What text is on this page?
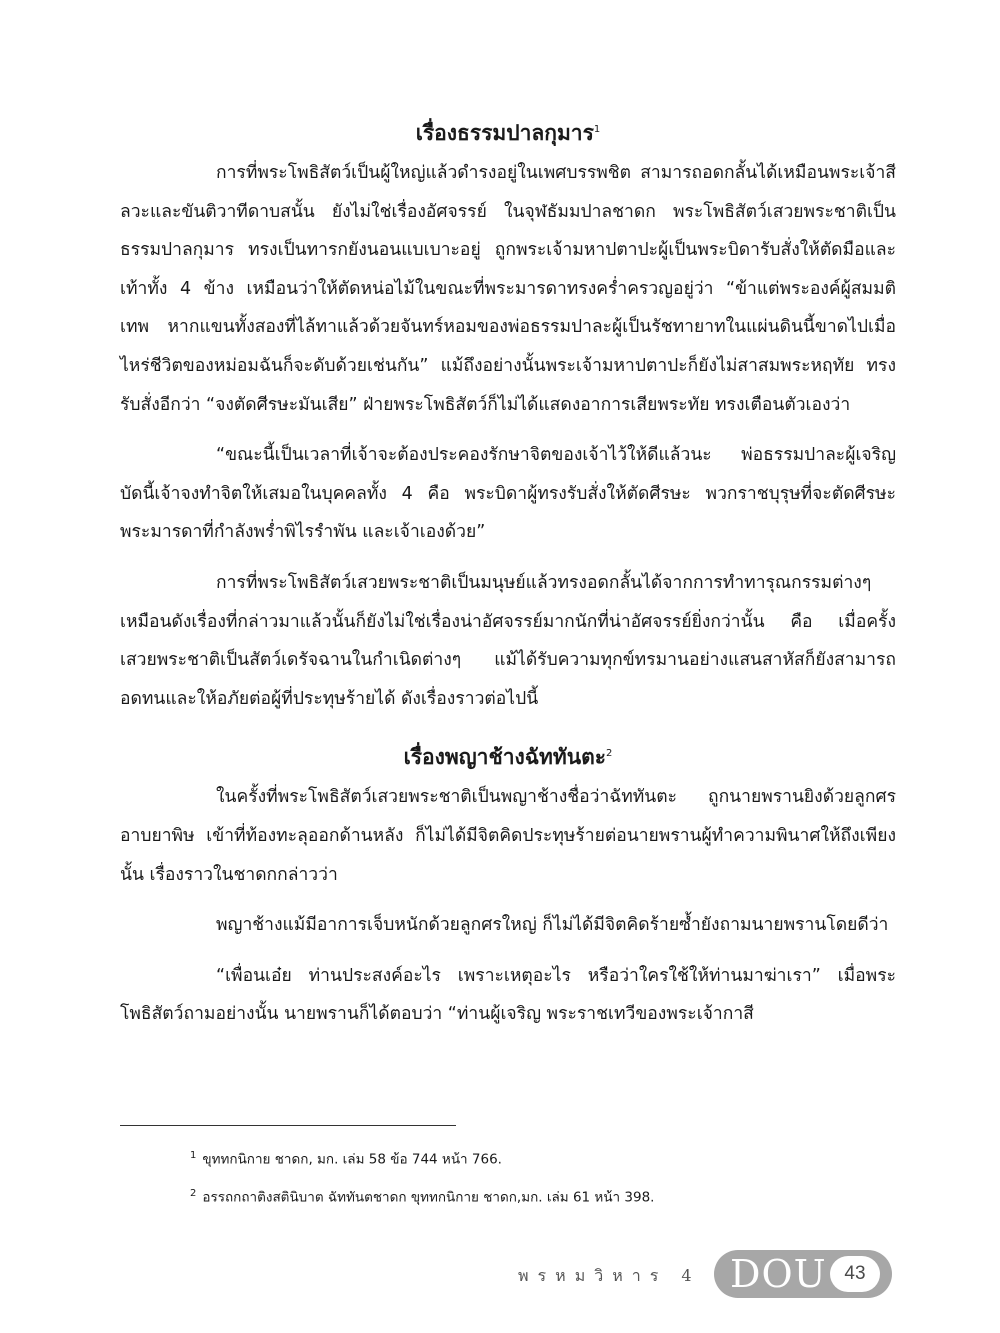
เรื่องธรรมปาลกุมาร$^1$

การที่พระโพธิสัตว์เป็นผู้ใหญ่แล้วดำรงอยู่ในเพศบรรพชิต สามารถอดกลั้นได้เหมือนพระเจ้าสีลวะและขันติวาทีดาบสนั้น ยังไม่ใช่เรื่องอัศจรรย์ ในจุฬธัมมปาลชาดก พระโพธิสัตว์เสวยพระชาติเป็นธรรมปาลกุมาร ทรงเป็นทารกยังนอนแบเบาะอยู่ ถูกพระเจ้ามหาปตาปะผู้เป็นพระบิดารับสั่งให้ตัดมือและเท้าทั้ง 4 ข้าง เหมือนว่าให้ตัดหน่อไม้ในขณะที่พระมารดาทรงคร่ำครวญอยู่ว่า “ข้าแต่พระองค์ผู้สมมติเทพ หากแขนทั้งสองที่ไล้ทาแล้วด้วยจันทร์หอมของพ่อธรรมปาละผู้เป็นรัชทายาทในแผ่นดินนี้ขาดไปเมื่อไหร่ชีวิตของหม่อมฉันก็จะดับด้วยเช่นกัน” แม้ถึงอย่างนั้นพระเจ้ามหาปตาปะก็ยังไม่สาสมพระหฤทัย ทรงรับสั่งอีกว่า “จงตัดศีรษะมันเสีย” ฝ่ายพระโพธิสัตว์ก็ไม่ได้แสดงอาการเสียพระทัย ทรงเตือนตัวเองว่า

“ขณะนี้เป็นเวลาที่เจ้าจะต้องประคองรักษาจิตของเจ้าไว้ให้ดีแล้วนะ พ่อธรรมปาละผู้เจริญ บัดนี้เจ้าจงทำจิตให้เสมอในบุคคลทั้ง 4 คือ พระบิดาผู้ทรงรับสั่งให้ตัดศีรษะ พวกราชบุรุษที่จะตัดศีรษะ พระมารดาที่กำลังพร่ำพิไรรำพัน และเจ้าเองด้วย”

การที่พระโพธิสัตว์เสวยพระชาติเป็นมนุษย์แล้วทรงอดกลั้นได้จากการทำทารุณกรรมต่างๆเหมือนดังเรื่องที่กล่าวมาแล้วนั้นก็ยังไม่ใช่เรื่องน่าอัศจรรย์มากนักที่น่าอัศจรรย์ยิ่งกว่านั้น คือ เมื่อครั้งเสวยพระชาติเป็นสัตว์เดรัจฉานในกำเนิดต่างๆ แม้ได้รับความทุกข์ทรมานอย่างแสนสาหัสก็ยังสามารถอดทนและให้อภัยต่อผู้ที่ประทุษร้ายได้ ดังเรื่องราวต่อไปนี้

เรื่องพญาช้างฉัททันตะ$^2$

ในครั้งที่พระโพธิสัตว์เสวยพระชาติเป็นพญาช้างชื่อว่าฉัททันตะ ถูกนายพรานยิงด้วยลูกศรอาบยาพิษ เข้าที่ท้องทะลุออกด้านหลัง ก็ไม่ได้มีจิตคิดประทุษร้ายต่อนายพรานผู้ทำความพินาศให้ถึงเพียงนั้น เรื่องราวในชาดกกล่าวว่า

พญาช้างแม้มีอาการเจ็บหนักด้วยลูกศรใหญ่ ก็ไม่ได้มีจิตคิดร้ายซ้ำยังถามนายพรานโดยดีว่า

“เพื่อนเอ๋ย ท่านประสงค์อะไร เพราะเหตุอะไร หรือว่าใครใช้ให้ท่านมาฆ่าเรา” เมื่อพระโพธิสัตว์ถามอย่างนั้น นายพรานก็ได้ตอบว่า “ท่านผู้เจริญ พระราชเทวีของพระเจ้ากาสี

$^1$ ขุททกนิกาย ชาดก, มก. เล่ม 58 ข้อ 744 หน้า 766.

$^2$ อรรถกถาติงสตินิบาต ฉัททันตชาดก ขุททกนิกาย ชาดก,มก. เล่ม 61 หน้า 398.

พรหมวิหาร 4 DOU 43
